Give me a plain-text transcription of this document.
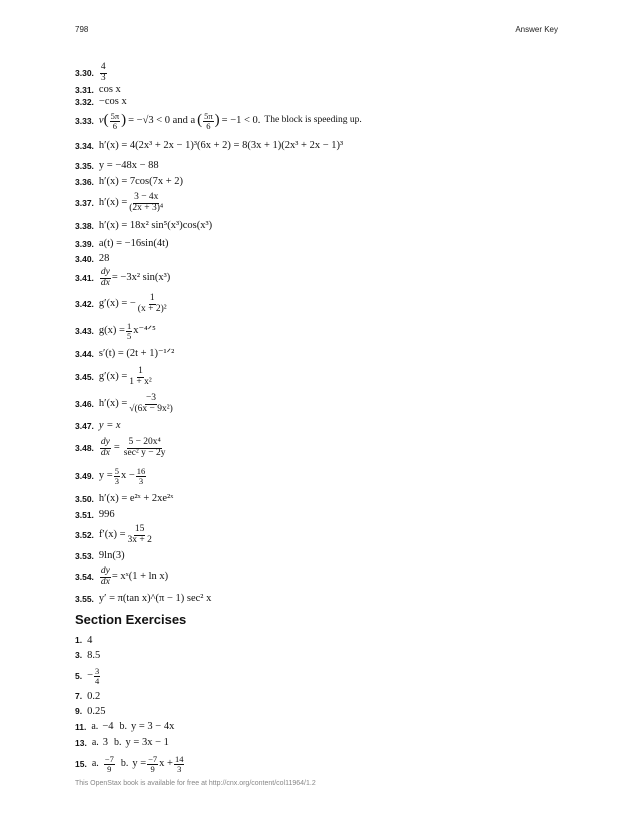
798	Answer Key
3.30. $\frac{4}{3}$
3.31. cos x
3.32. −cos x
3.33. v ( $\frac{5\pi}{6}$ ) = −√3 < 0 and a ( $\frac{5\pi}{6}$ ) = −1 < 0. The block is speeding up.
3.34. h′(x) = 4(2x³ + 2x − 1)³(6x + 2) = 8(3x + 1)(2x³ + 2x − 1)³
3.35. y = −48x − 88
3.36. h′(x) = 7cos(7x + 2)
3.37. $h'(x) = \frac{3 - 4x}{\text{(2x + 3)⁴}}$
3.38. h′(x) = 18x² sin⁵(x³)cos(x³)
3.39. a(t) = −16sin(4t)
3.40. 28
3.41. $\frac{dy}{dx} = -3x^2$ sin(x³)
3.42. g′(x) = − $\frac{1}{\text{(x + 2)²}}$
3.43. $g(x) = \frac{1}{5}$ x⁻⁴ᐟ⁵
3.44. s′(t) = (2t + 1)⁻¹ᐟ²
3.45. $g'(x) = \frac{1}{\text{1 + x²}}$
3.46. $h'(x) = \frac{-3}{\text{√(6x − 9x²)}}$
3.47. y = x
3.48. $\frac{dy}{dx} = \frac{\text{5 − 20x⁴}}{\text{sec² y − 2y}}$
3.49. $y = \frac{5}{3}$ $x - \frac{16}{3}$
3.50. h′(x) = e²ˣ + 2xe²ˣ
3.51. 996
3.52. $f'(x) = \frac{15}{3x + 2}$
3.53. 9ln(3)
3.54. $\frac{dy}{dx}$ = xˣ(1 + ln x)
3.55. y′ = π(tan x)^(π − 1) sec² x
Section Exercises
1. 4
3. 8.5
5. − $\frac{3}{4}$
7. 0.2
9. 0.25
11. a. −4 b. y = 3 − 4x
13. a. 3 b. y = 3x − 1
15. a. $\frac{-7}{9} b$. $y = \frac{-7}{9}$ $x + \frac{14}{3}$
This OpenStax book is available for free at http://cnx.org/content/col11964/1.2
